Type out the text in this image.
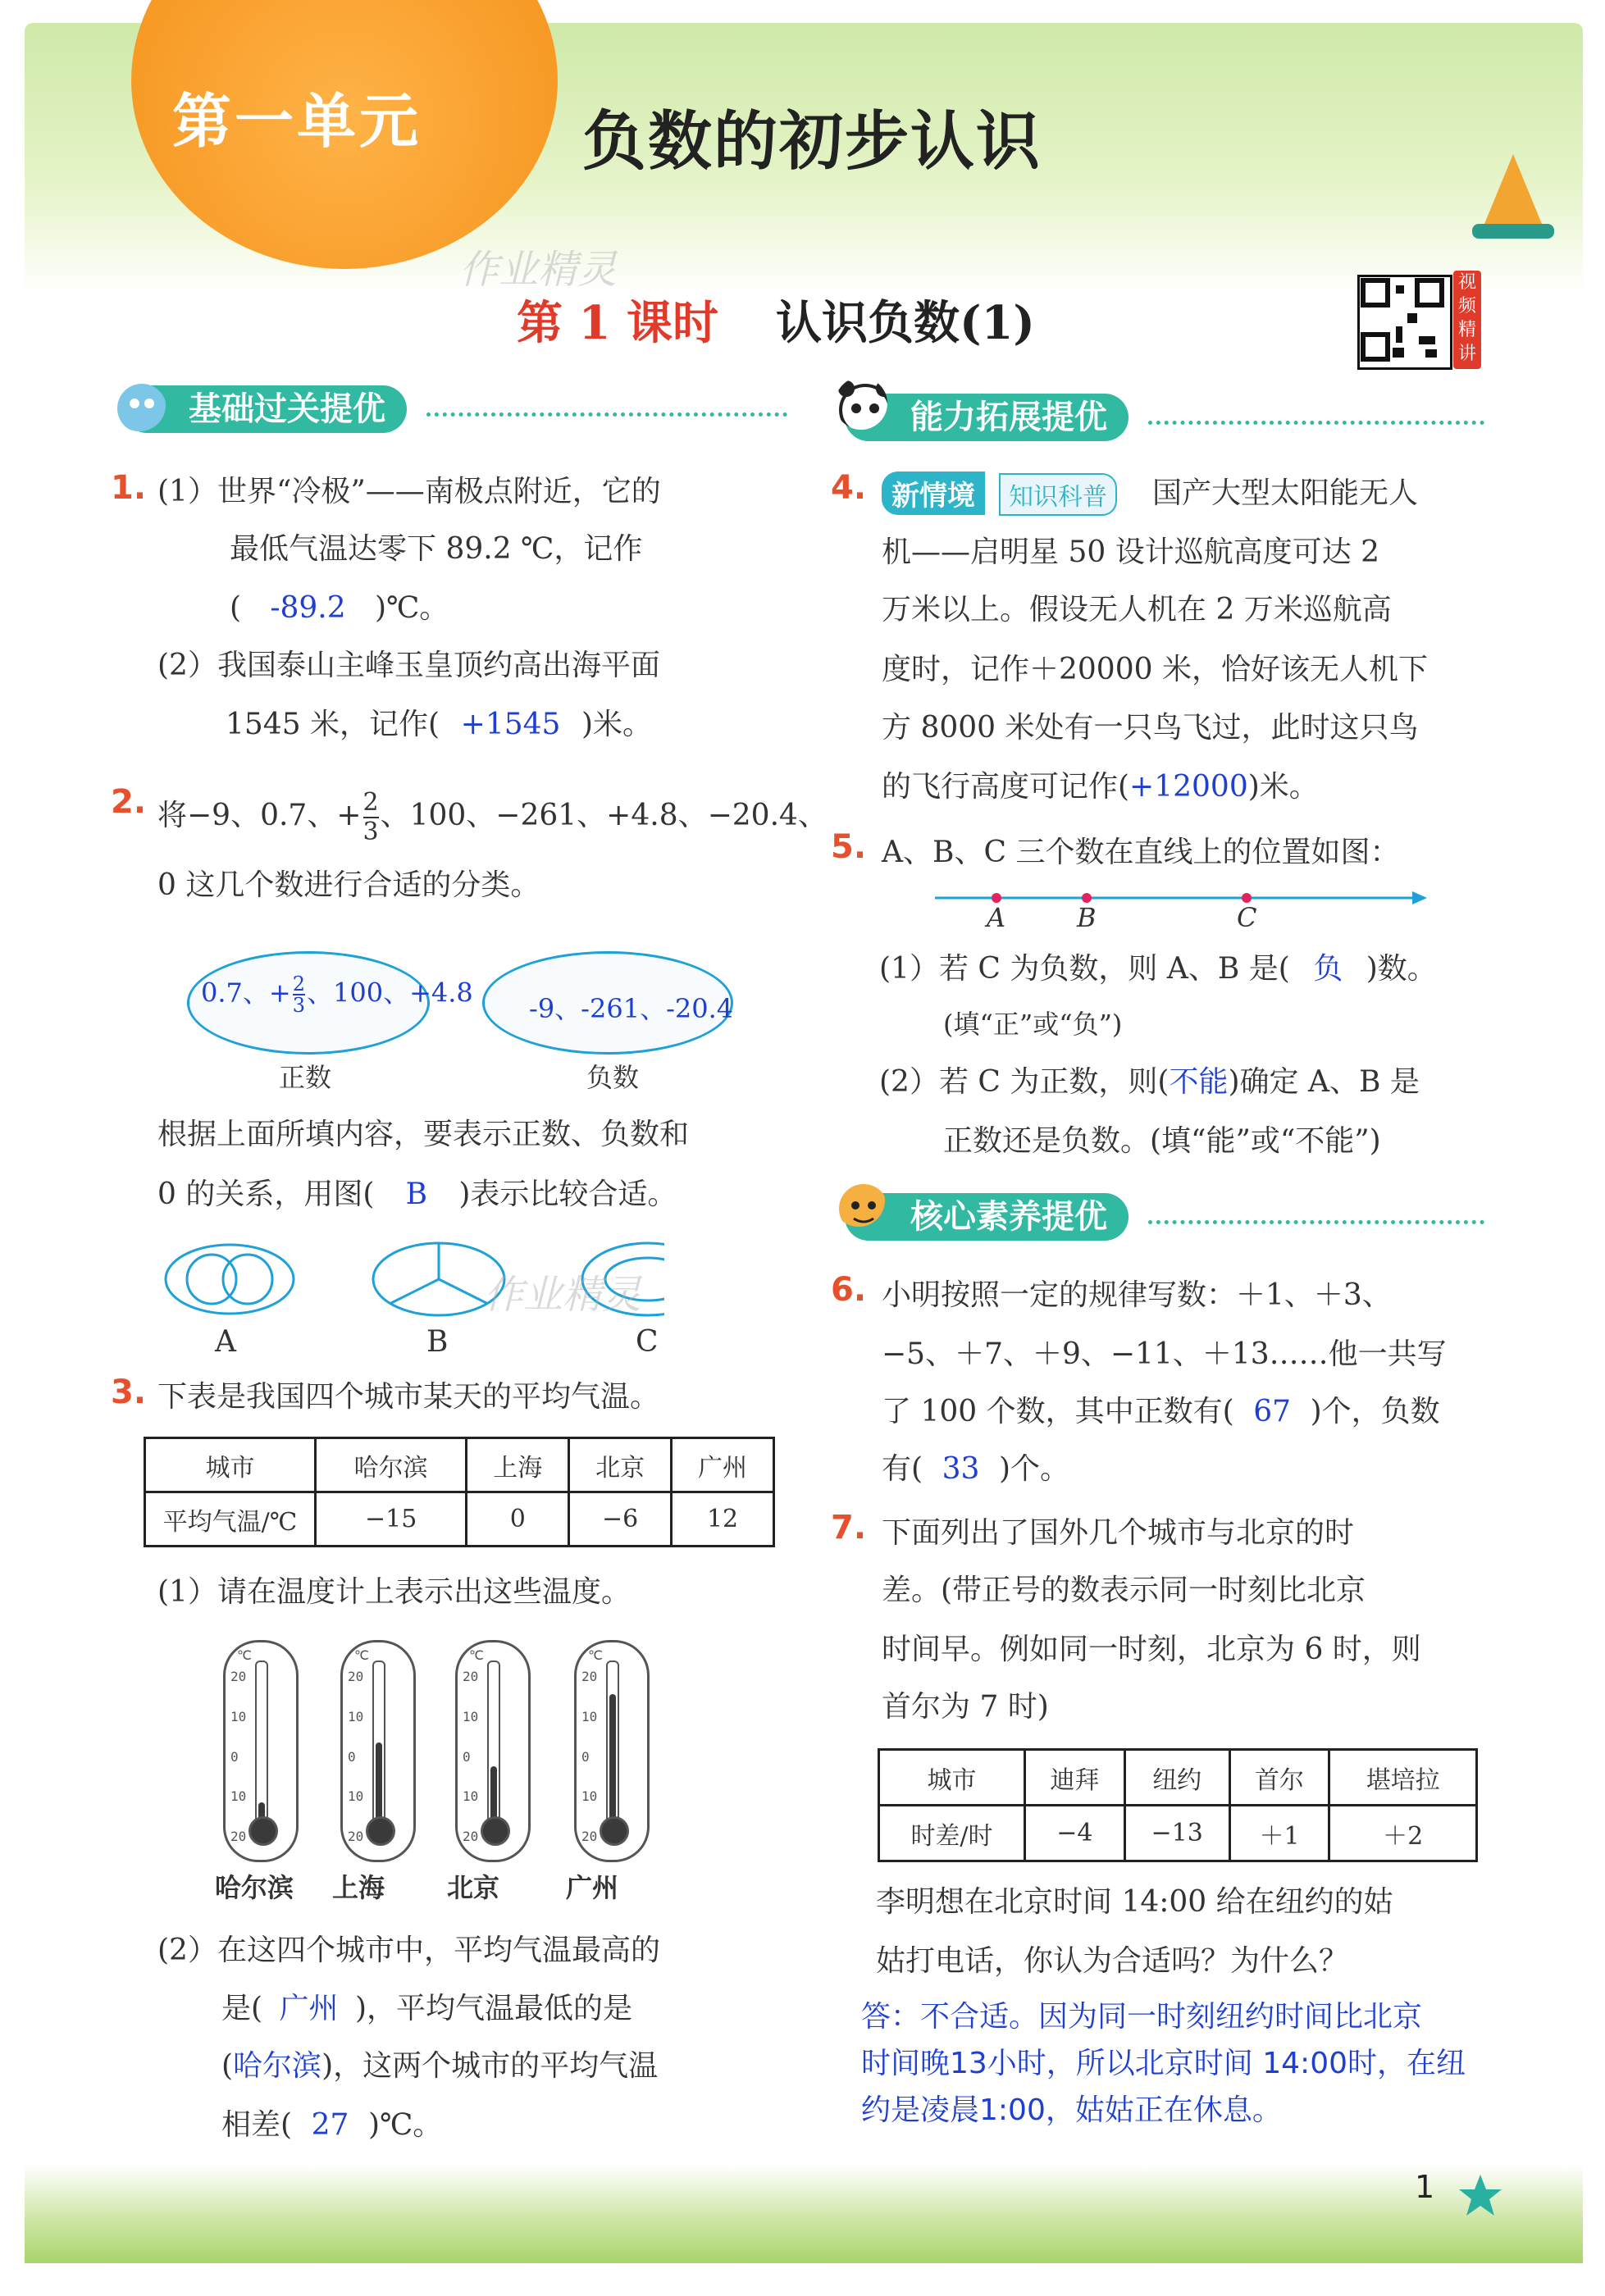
第一单元	负数的初步认识
作业精灵
第 1 课时 认识负数(1)
视频精讲
基础过关提优	能力拓展提优
核心素养提优
1. (1）世界“冷极”——南极点附近，它的
最低气温达零下 89.2 ℃，记作
( -89.2 )℃。
(2）我国泰山主峰玉皇顶约高出海平面
1545 米，记作( +1545 )米。
2. 将−9、0.7、+ $\frac{2}{3}$ 、100、−261、+4.8、−20.4、
0 这几个数进行合适的分类。
0.7、+ $\frac{2}{3}$ 、100、+4.8
-9、-261、-20.4
正数	负数
根据上面所填内容，要表示正数、负数和
0 的关系，用图( B )表示比较合适。
A	B	C
作业精灵
3. 下表是我国四个城市某天的平均气温。
城市	哈尔滨	上海	北京	广州
平均气温/℃	−15	0	−6	12
(1）请在温度计上表示出这些温度。
℃
20
10
0
10
20
哈尔滨
℃
20
10
0
10
20
上海
℃
20
10
0
10
20
北京
℃
20
10
0
10
20
广州
(2）在这四个城市中，平均气温最高的
是( 广州 )，平均气温最低的是
(哈尔滨)，这两个城市的平均气温
相差( 27 )℃。
4. 新情境	知识科普	国产大型太阳能无人
机——启明星 50 设计巡航高度可达 2
万米以上。假设无人机在 2 万米巡航高
度时，记作＋20000 米，恰好该无人机下
方 8000 米处有一只鸟飞过，此时这只鸟
的飞行高度可记作(+12000)米。
5. A、B、C 三个数在直线上的位置如图：
A	B	C
(1）若 C 为负数，则 A、B 是( 负 )数。
(填“正”或“负”)
(2）若 C 为正数，则(不能)确定 A、B 是
正数还是负数。(填“能”或“不能”)
6. 小明按照一定的规律写数：＋1、＋3、
−5、＋7、＋9、−11、＋13……他一共写
了 100 个数，其中正数有( 67 )个，负数
有( 33 )个。
7. 下面列出了国外几个城市与北京的时
差。(带正号的数表示同一时刻比北京
时间早。例如同一时刻，北京为 6 时，则
首尔为 7 时)
城市	迪拜	纽约	首尔	堪培拉
时差/时	−4	−13	＋1	＋2
李明想在北京时间 14:00 给在纽约的姑
姑打电话，你认为合适吗？为什么？
答：不合适。因为同一时刻纽约时间比北京
时间晚13小时，所以北京时间 14:00时，在纽
约是凌晨1:00，姑姑正在休息。
1
